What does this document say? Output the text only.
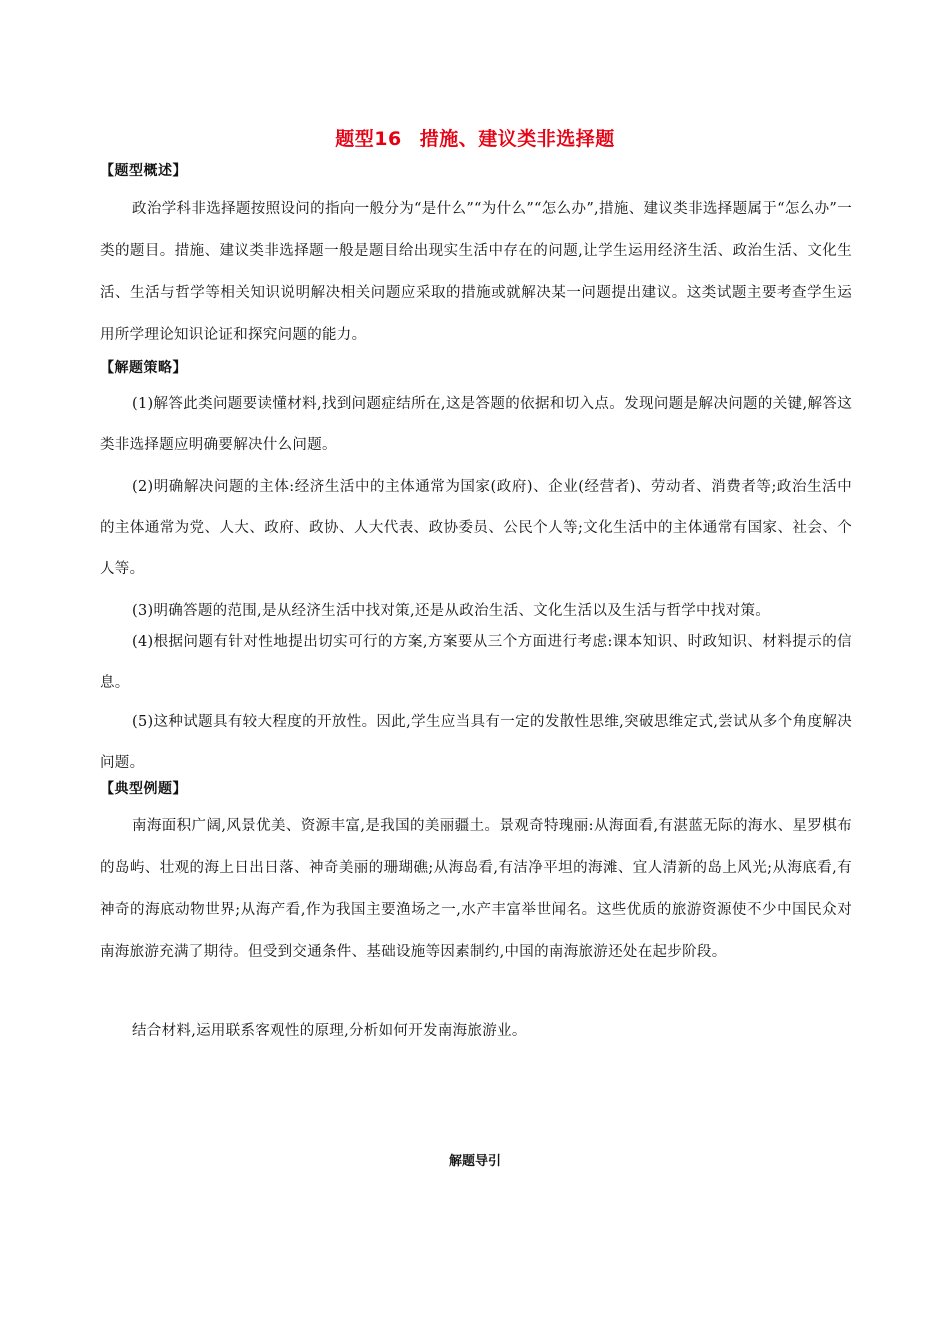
题型16 措施、建议类非选择题
【题型概述】

政治学科非选择题按照设问的指向一般分为“是什么”“为什么”“怎么办”,措施、建议类非选择题属于“怎么办”一类的题目。措施、建议类非选择题一般是题目给出现实生活中存在的问题,让学生运用经济生活、政治生活、文化生活、生活与哲学等相关知识说明解决相关问题应采取的措施或就解决某一问题提出建议。这类试题主要考查学生运用所学理论知识论证和探究问题的能力。

【解题策略】

(1)解答此类问题要读懂材料,找到问题症结所在,这是答题的依据和切入点。发现问题是解决问题的关键,解答这类非选择题应明确要解决什么问题。

(2)明确解决问题的主体:经济生活中的主体通常为国家(政府)、企业(经营者)、劳动者、消费者等;政治生活中的主体通常为党、人大、政府、政协、人大代表、政协委员、公民个人等;文化生活中的主体通常有国家、社会、个人等。

(3)明确答题的范围,是从经济生活中找对策,还是从政治生活、文化生活以及生活与哲学中找对策。

(4)根据问题有针对性地提出切实可行的方案,方案要从三个方面进行考虑:课本知识、时政知识、材料提示的信息。

(5)这种试题具有较大程度的开放性。因此,学生应当具有一定的发散性思维,突破思维定式,尝试从多个角度解决问题。

【典型例题】

南海面积广阔,风景优美、资源丰富,是我国的美丽疆土。景观奇特瑰丽:从海面看,有湛蓝无际的海水、星罗棋布的岛屿、壮观的海上日出日落、神奇美丽的珊瑚礁;从海岛看,有洁净平坦的海滩、宜人清新的岛上风光;从海底看,有神奇的海底动物世界;从海产看,作为我国主要渔场之一,水产丰富举世闻名。这些优质的旅游资源使不少中国民众对南海旅游充满了期待。但受到交通条件、基础设施等因素制约,中国的南海旅游还处在起步阶段。

结合材料,运用联系客观性的原理,分析如何开发南海旅游业。

解题导引
